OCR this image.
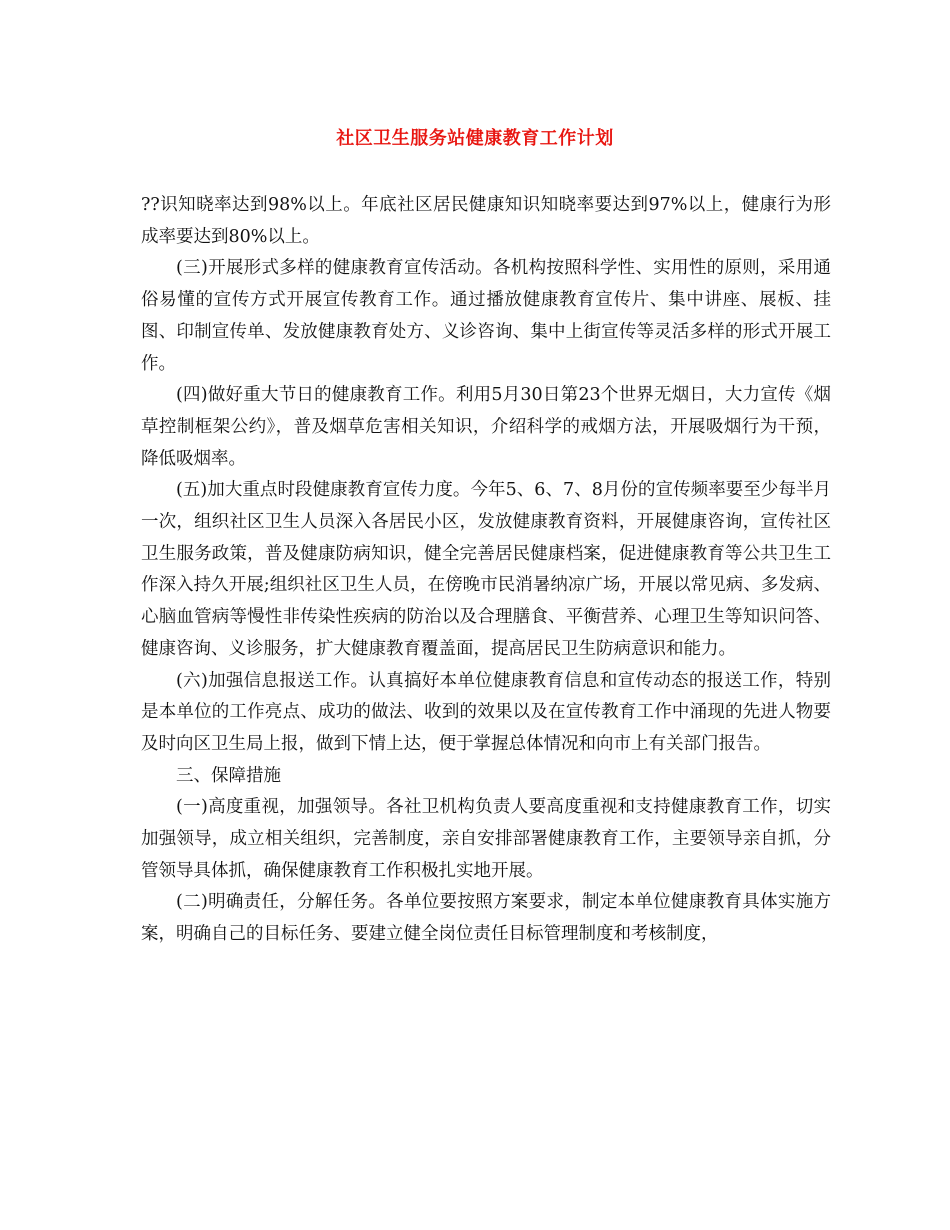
社区卫生服务站健康教育工作计划

??识知晓率达到98%以上。年底社区居民健康知识知晓率要达到97%以上，健康行为形成率要达到80%以上。

(三)开展形式多样的健康教育宣传活动。各机构按照科学性、实用性的原则，采用通俗易懂的宣传方式开展宣传教育工作。通过播放健康教育宣传片、集中讲座、展板、挂图、印制宣传单、发放健康教育处方、义诊咨询、集中上街宣传等灵活多样的形式开展工作。

(四)做好重大节日的健康教育工作。利用5月30日第23个世界无烟日，大力宣传《烟草控制框架公约》，普及烟草危害相关知识，介绍科学的戒烟方法，开展吸烟行为干预，降低吸烟率。

(五)加大重点时段健康教育宣传力度。今年5、6、7、8月份的宣传频率要至少每半月一次，组织社区卫生人员深入各居民小区，发放健康教育资料，开展健康咨询，宣传社区卫生服务政策，普及健康防病知识，健全完善居民健康档案，促进健康教育等公共卫生工作深入持久开展;组织社区卫生人员，在傍晚市民消暑纳凉广场，开展以常见病、多发病、心脑血管病等慢性非传染性疾病的防治以及合理膳食、平衡营养、心理卫生等知识问答、健康咨询、义诊服务，扩大健康教育覆盖面，提高居民卫生防病意识和能力。

(六)加强信息报送工作。认真搞好本单位健康教育信息和宣传动态的报送工作，特别是本单位的工作亮点、成功的做法、收到的效果以及在宣传教育工作中涌现的先进人物要及时向区卫生局上报，做到下情上达，便于掌握总体情况和向市上有关部门报告。

三、保障措施

(一)高度重视，加强领导。各社卫机构负责人要高度重视和支持健康教育工作，切实加强领导，成立相关组织，完善制度，亲自安排部署健康教育工作，主要领导亲自抓，分管领导具体抓，确保健康教育工作积极扎实地开展。

(二)明确责任，分解任务。各单位要按照方案要求，制定本单位健康教育具体实施方案，明确自己的目标任务、要建立健全岗位责任目标管理制度和考核制度，
